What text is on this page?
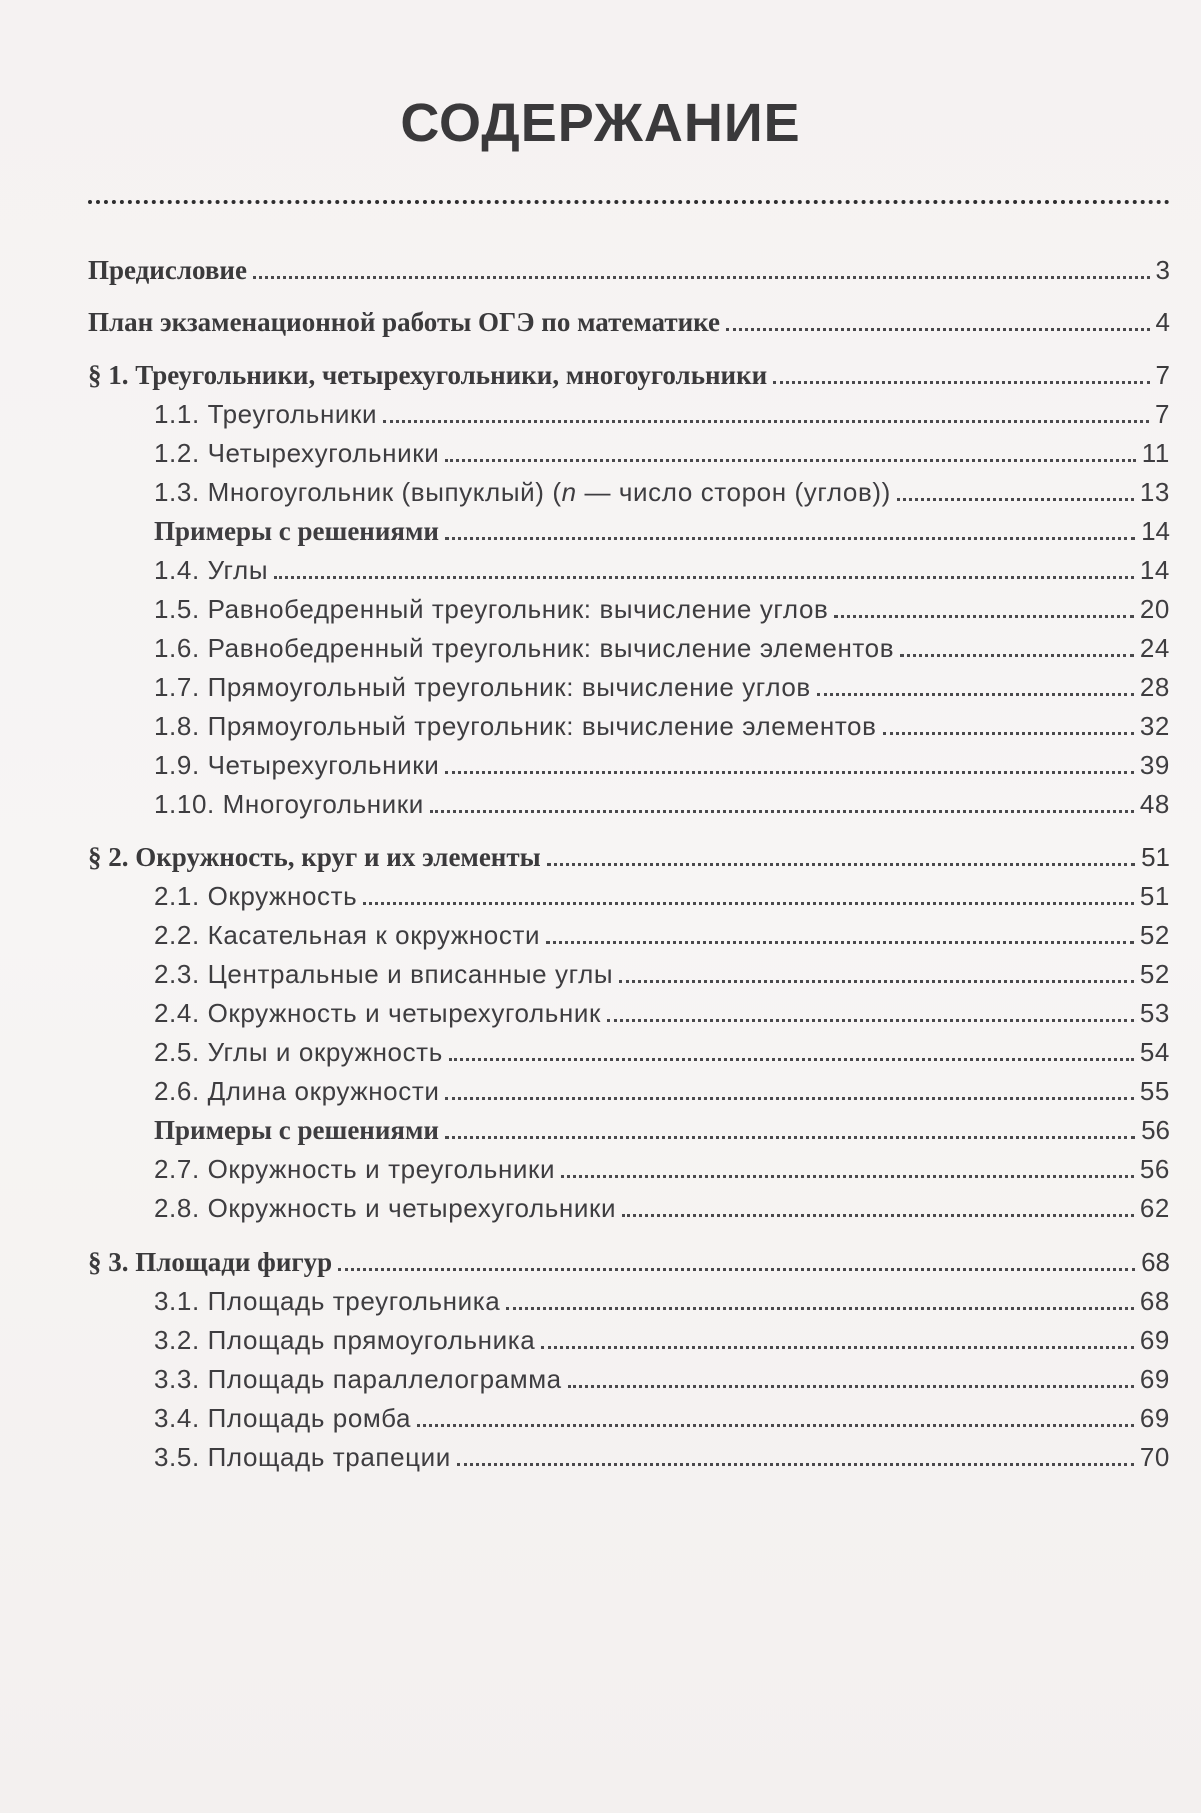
СОДЕРЖАНИЕ
Предисловие	3
План экзаменационной работы ОГЭ по математике	4
§ 1. Треугольники, четырехугольники, многоугольники	7
1.1. Треугольники	7
1.2. Четырехугольники	11
1.3. Многоугольник (выпуклый) (n — число сторон (углов))	13
Примеры с решениями	14
1.4. Углы	14
1.5. Равнобедренный треугольник: вычисление углов	20
1.6. Равнобедренный треугольник: вычисление элементов	24
1.7. Прямоугольный треугольник: вычисление углов	28
1.8. Прямоугольный треугольник: вычисление элементов	32
1.9. Четырехугольники	39
1.10. Многоугольники	48
§ 2. Окружность, круг и их элементы	51
2.1. Окружность	51
2.2. Касательная к окружности	52
2.3. Центральные и вписанные углы	52
2.4. Окружность и четырехугольник	53
2.5. Углы и окружность	54
2.6. Длина окружности	55
Примеры с решениями	56
2.7. Окружность и треугольники	56
2.8. Окружность и четырехугольники	62
§ 3. Площади фигур	68
3.1. Площадь треугольника	68
3.2. Площадь прямоугольника	69
3.3. Площадь параллелограмма	69
3.4. Площадь ромба	69
3.5. Площадь трапеции	70
